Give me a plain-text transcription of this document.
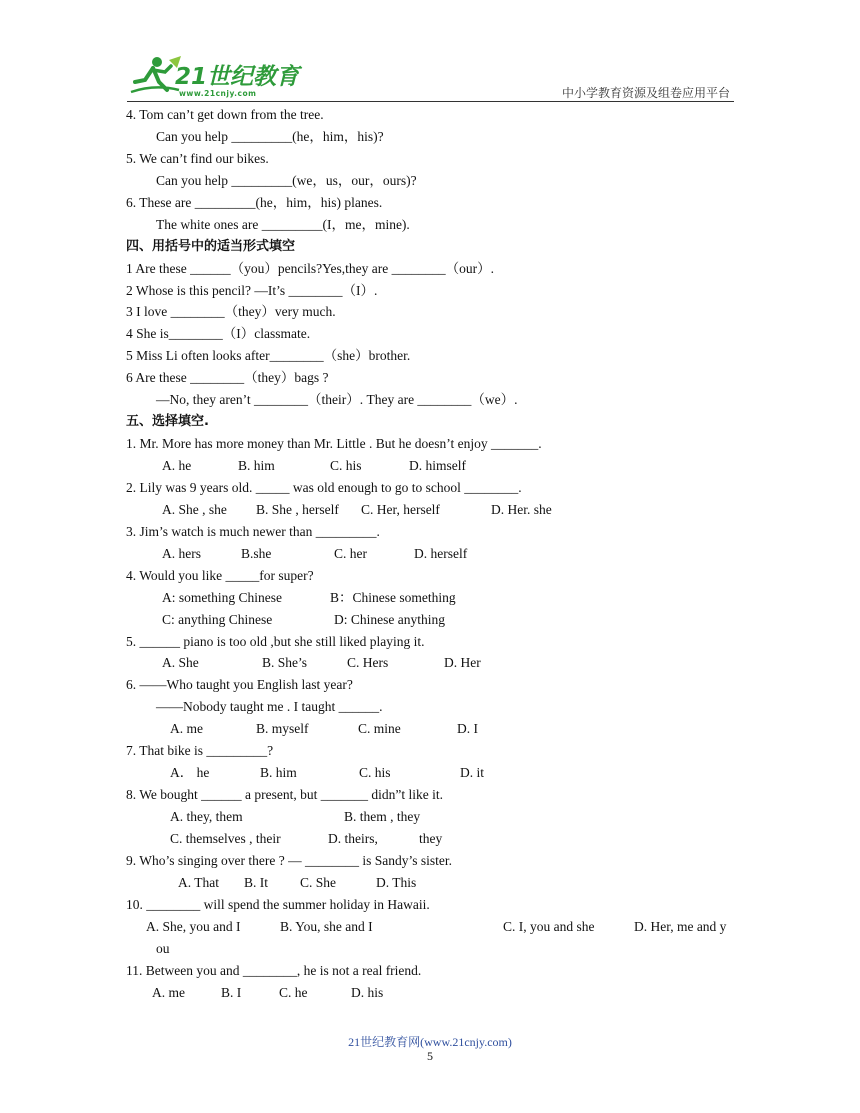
21世纪教育
www.21cnjy.com	中小学教育资源及组卷应用平台
4. Tom can’t get down from the tree.
Can you help _________(he，him，his)?
5. We can’t find our bikes.
Can you help _________(we，us，our，ours)?
6. These are _________(he，him，his) planes.
The white ones are _________(I，me，mine).
四、用括号中的适当形式填空
1 Are these ______（you）pencils?Yes,they are ________（our）.
2 Whose is this pencil? —It’s ________（I）.
3 I love ________（they）very much.
4 She is________（I）classmate.
5 Miss Li often looks after________（she）brother.
6 Are these ________（they）bags ?
—No, they aren’t ________（their）. They are ________（we）.
五、选择填空.
1. Mr. More has more money than Mr. Little . But he doesn’t enjoy _______.
A. he	B. him	C. his	D. himself
2. Lily was 9 years old. _____ was old enough to go to school ________.
A. She , she B. She , herself C. Her, herself	D. Her. she
3. Jim’s watch is much newer than _________.
A. hers	B.she	C. her	D. herself
4. Would you like _____for super?
A: something Chinese	B：Chinese something
C: anything Chinese	D: Chinese anything
5. ______ piano is too old ,but she still liked playing it.
A. She	B. She’s	C. Hers	D. Her
6. ——Who taught you English last year?
——Nobody taught me . I taught ______.
A. me	B. myself	C. mine	D. I
7. That bike is _________?
A． he	B. him	C. his	D. it
8. We bought ______ a present, but _______ didn”t like it.
A. they, them	B. them , they
C. themselves , their	D. theirs,	they
9. Who’s singing over there ? — ________ is Sandy’s sister.
A. That B. It C. She	D. This
10. ________ will spend the summer holiday in Hawaii.
A. She, you and I	B. You, she and I	C. I, you and she	D. Her, me and y
ou
11. Between you and ________, he is not a real friend.
A. me	B. I	C. he	D. his
21世纪教育网(www.21cnjy.com)
5
